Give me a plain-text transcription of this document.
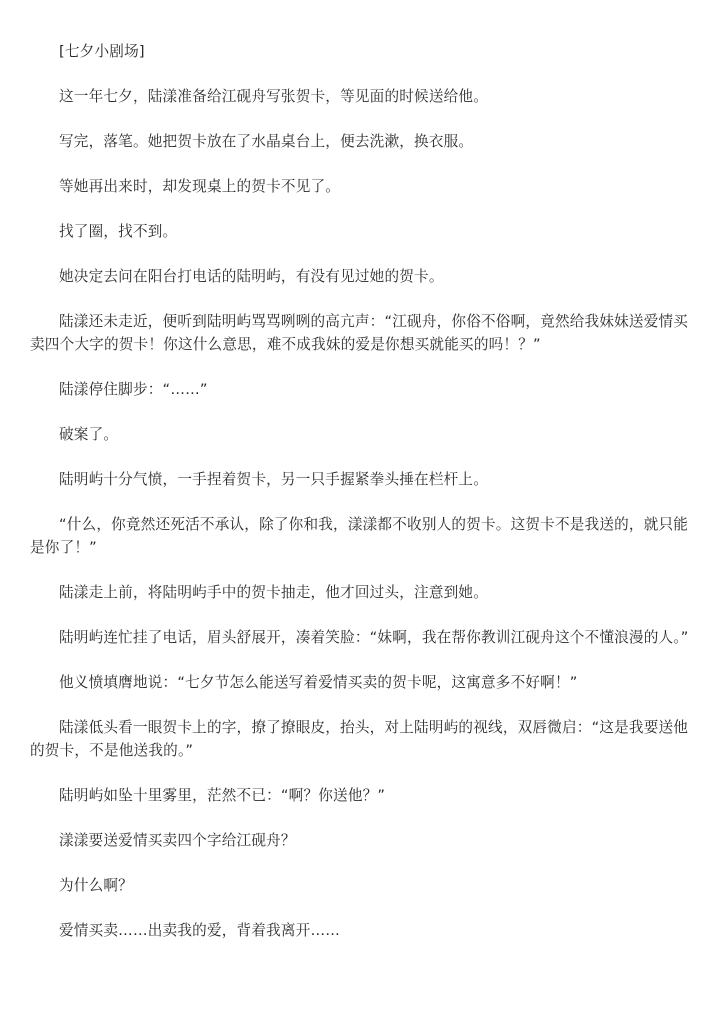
[七夕小剧场]

这一年七夕，陆漾准备给江砚舟写张贺卡，等见面的时候送给他。

写完，落笔。她把贺卡放在了水晶桌台上，便去洗漱，换衣服。

等她再出来时，却发现桌上的贺卡不见了。

找了圈，找不到。

她决定去问在阳台打电话的陆明屿，有没有见过她的贺卡。

陆漾还未走近，便听到陆明屿骂骂咧咧的高亢声：“江砚舟，你俗不俗啊，竟然给我妹妹送爱情买卖四个大字的贺卡！你这什么意思，难不成我妹的爱是你想买就能买的吗！？”

陆漾停住脚步：“……”

破案了。

陆明屿十分气愤，一手捏着贺卡，另一只手握紧拳头捶在栏杆上。

“什么，你竟然还死活不承认，除了你和我，漾漾都不收别人的贺卡。这贺卡不是我送的，就只能是你了！”

陆漾走上前，将陆明屿手中的贺卡抽走，他才回过头，注意到她。

陆明屿连忙挂了电话，眉头舒展开，凑着笑脸：“妹啊，我在帮你教训江砚舟这个不懂浪漫的人。”

他义愤填膺地说：“七夕节怎么能送写着爱情买卖的贺卡呢，这寓意多不好啊！”

陆漾低头看一眼贺卡上的字，撩了撩眼皮，抬头，对上陆明屿的视线，双唇微启：“这是我要送他的贺卡，不是他送我的。”

陆明屿如坠十里雾里，茫然不已：“啊？你送他？”

漾漾要送爱情买卖四个字给江砚舟？

为什么啊？

爱情买卖……出卖我的爱，背着我离开……
